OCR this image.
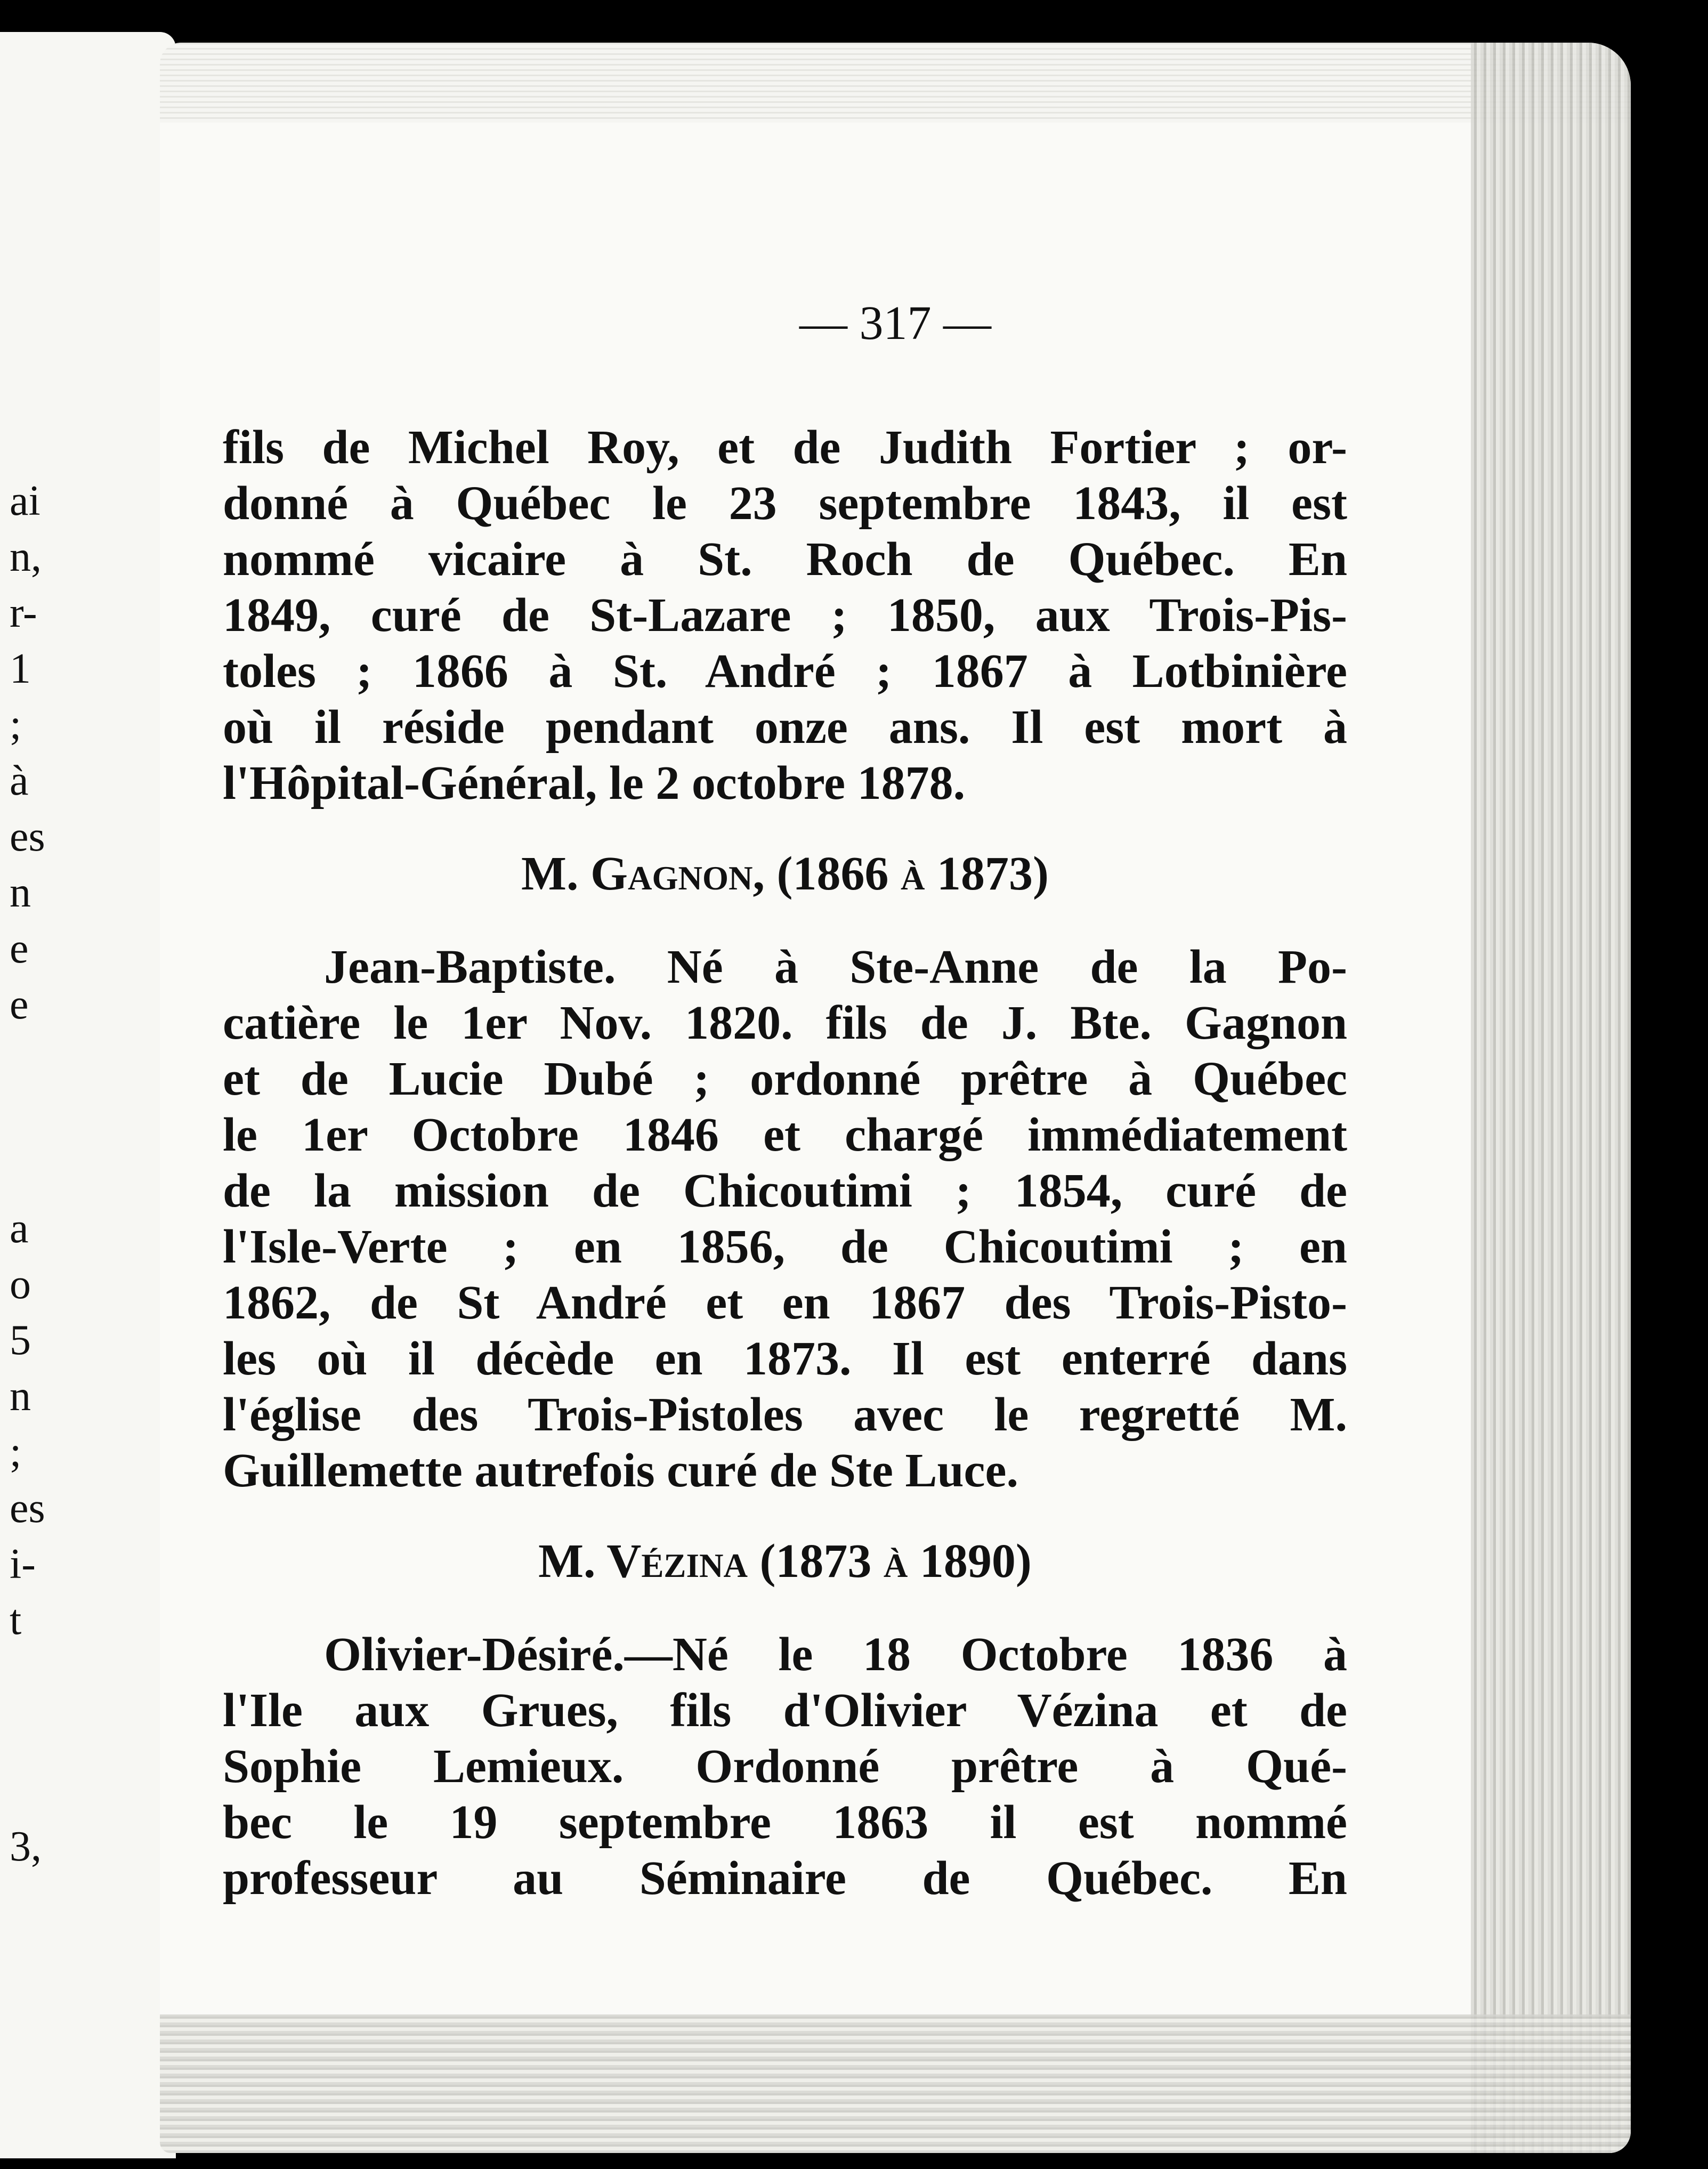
ai
n,
r-
1
;
à
es
n
e
e
a
o
5
n
;
es
i-
t
3,
— 317 —
fils de Michel Roy, et de Judith Fortier ; or-
donné à Québec le 23 septembre 1843, il est
nommé vicaire à St. Roch de Québec. En
1849, curé de St-Lazare ; 1850, aux Trois-Pis-
toles ; 1866 à St. André ; 1867 à Lotbinière
où il réside pendant onze ans. Il est mort à
l'Hôpital-Général, le 2 octobre 1878.
M. Gagnon, (1866 à 1873)
Jean-Baptiste. Né à Ste-Anne de la Po-
catière le 1er Nov. 1820. fils de J. Bte. Gagnon
et de Lucie Dubé ; ordonné prêtre à Québec
le 1er Octobre 1846 et chargé immédiatement
de la mission de Chicoutimi ; 1854, curé de
l'Isle-Verte ; en 1856, de Chicoutimi ; en
1862, de St André et en 1867 des Trois-Pisto-
les où il décède en 1873. Il est enterré dans
l'église des Trois-Pistoles avec le regretté M.
Guillemette autrefois curé de Ste Luce.
M. Vézina (1873 à 1890)
Olivier-Désiré.—Né le 18 Octobre 1836 à
l'Ile aux Grues, fils d'Olivier Vézina et de
Sophie Lemieux. Ordonné prêtre à Qué-
bec le 19 septembre 1863 il est nommé
professeur au Séminaire de Québec. En
